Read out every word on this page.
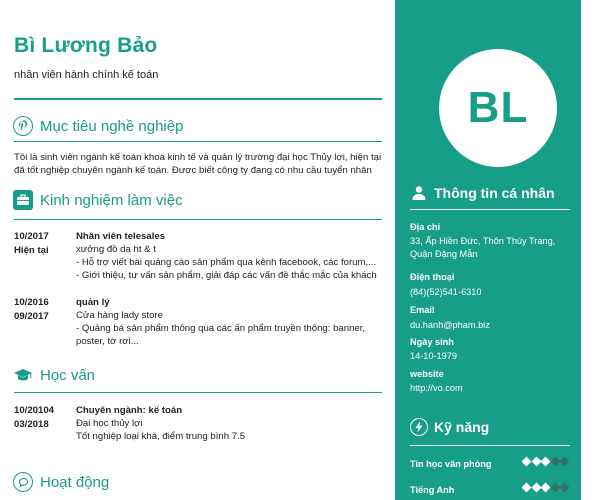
Bì Lương Bảo
nhân viên hành chính kế toán
Mục tiêu nghề nghiệp
Tôi là sinh viên ngành kế toán khoa kinh tế và quản lý trường đại học Thủy lợi, hiện tại đã tốt nghiệp chuyên ngành kế toán. Được biết công ty đang có nhu cầu tuyển nhân
Kinh nghiệm làm việc
10/2017
Hiện tại
Nhân viên telesales
xưởng đồ da ht & t
- Hỗ trợ viết bài quảng cáo sản phẩm qua kênh facebook, các forum,...
- Giới thiệu, tư vấn sản phẩm, giải đáp các vấn đề thắc mắc của khách
10/2016
09/2017
quản lý
Cửa hàng lady store
- Quảng bá sản phẩm thông qua các ấn phẩm truyền thông: banner, poster, tờ rơi...
Học vấn
10/20104
03/2018
Chuyên ngành: kế toán
Đại học thủy lợi
Tốt nghiệp loại khá, điểm trung bình 7.5
Hoạt động
BL
Thông tin cá nhân
Địa chỉ
33, Ấp Hiền Đức, Thôn Thúy Trang, Quận Đặng Mẫn
Điện thoại
(84)(52)541-6310
Email
du.hanh@pham.biz
Ngày sinh
14-10-1979
website
http://vo.com
Kỹ năng
Tin học văn phòng
Tiếng Anh
